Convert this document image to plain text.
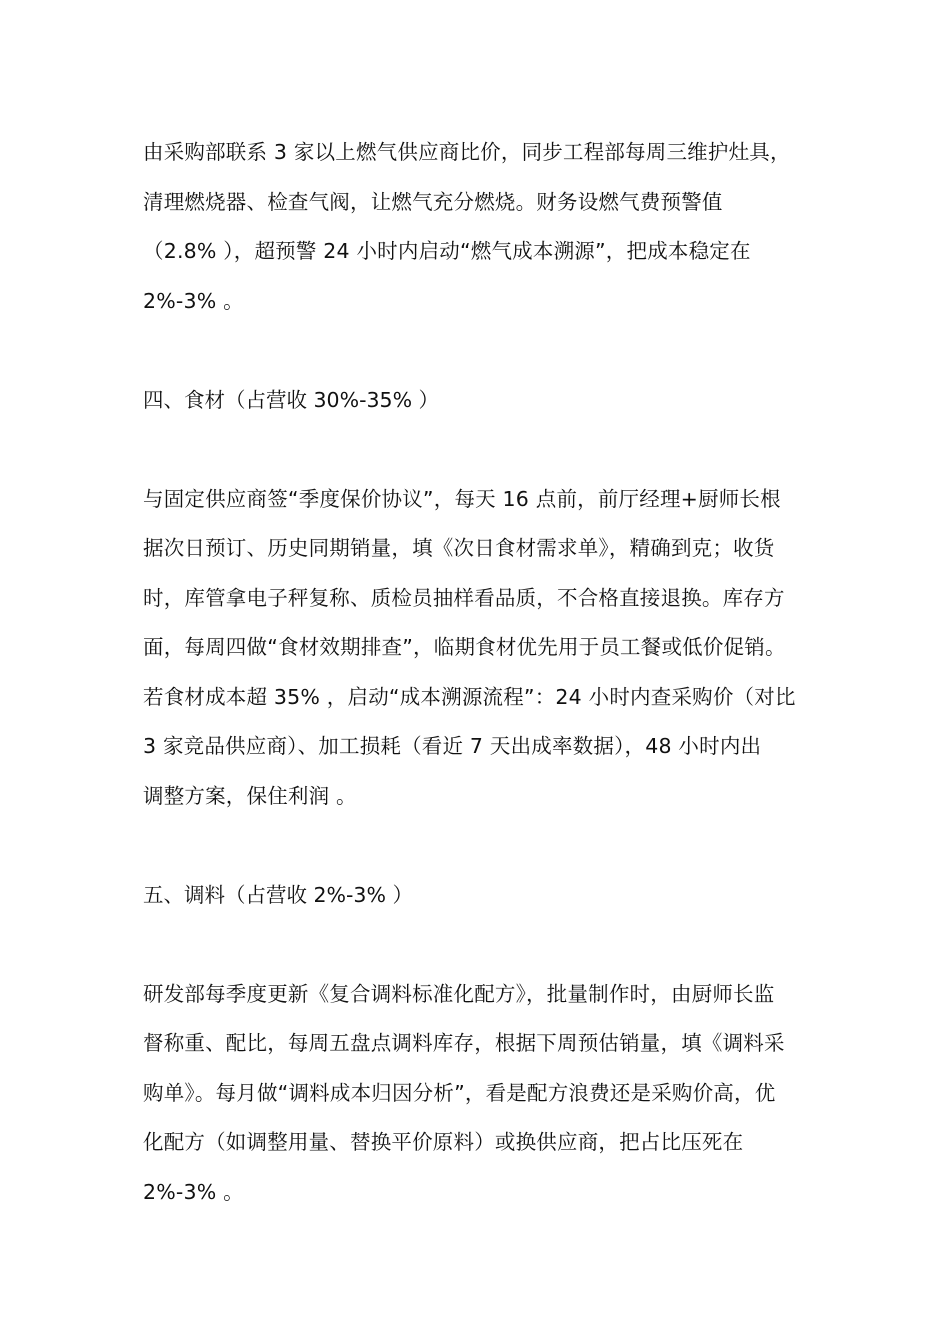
由采购部联系 3 家以上燃气供应商比价，同步工程部每周三维护灶具，
清理燃烧器、检查气阀，让燃气充分燃烧。财务设燃气费预警值
（2.8% ），超预警 24 小时内启动“燃气成本溯源”，把成本稳定在
2%-3% 。
四、食材（占营收 30%-35% ）
与固定供应商签“季度保价协议”，每天 16 点前，前厅经理+厨师长根
据次日预订、历史同期销量，填《次日食材需求单》，精确到克；收货
时，库管拿电子秤复称、质检员抽样看品质，不合格直接退换。库存方
面，每周四做“食材效期排查”，临期食材优先用于员工餐或低价促销。
若食材成本超 35% ，启动“成本溯源流程”：24 小时内查采购价（对比
3 家竞品供应商）、加工损耗（看近 7 天出成率数据），48 小时内出
调整方案，保住利润 。
五、调料（占营收 2%-3% ）
研发部每季度更新《复合调料标准化配方》，批量制作时，由厨师长监
督称重、配比，每周五盘点调料库存，根据下周预估销量，填《调料采
购单》。每月做“调料成本归因分析”，看是配方浪费还是采购价高，优
化配方（如调整用量、替换平价原料）或换供应商，把占比压死在
2%-3% 。
